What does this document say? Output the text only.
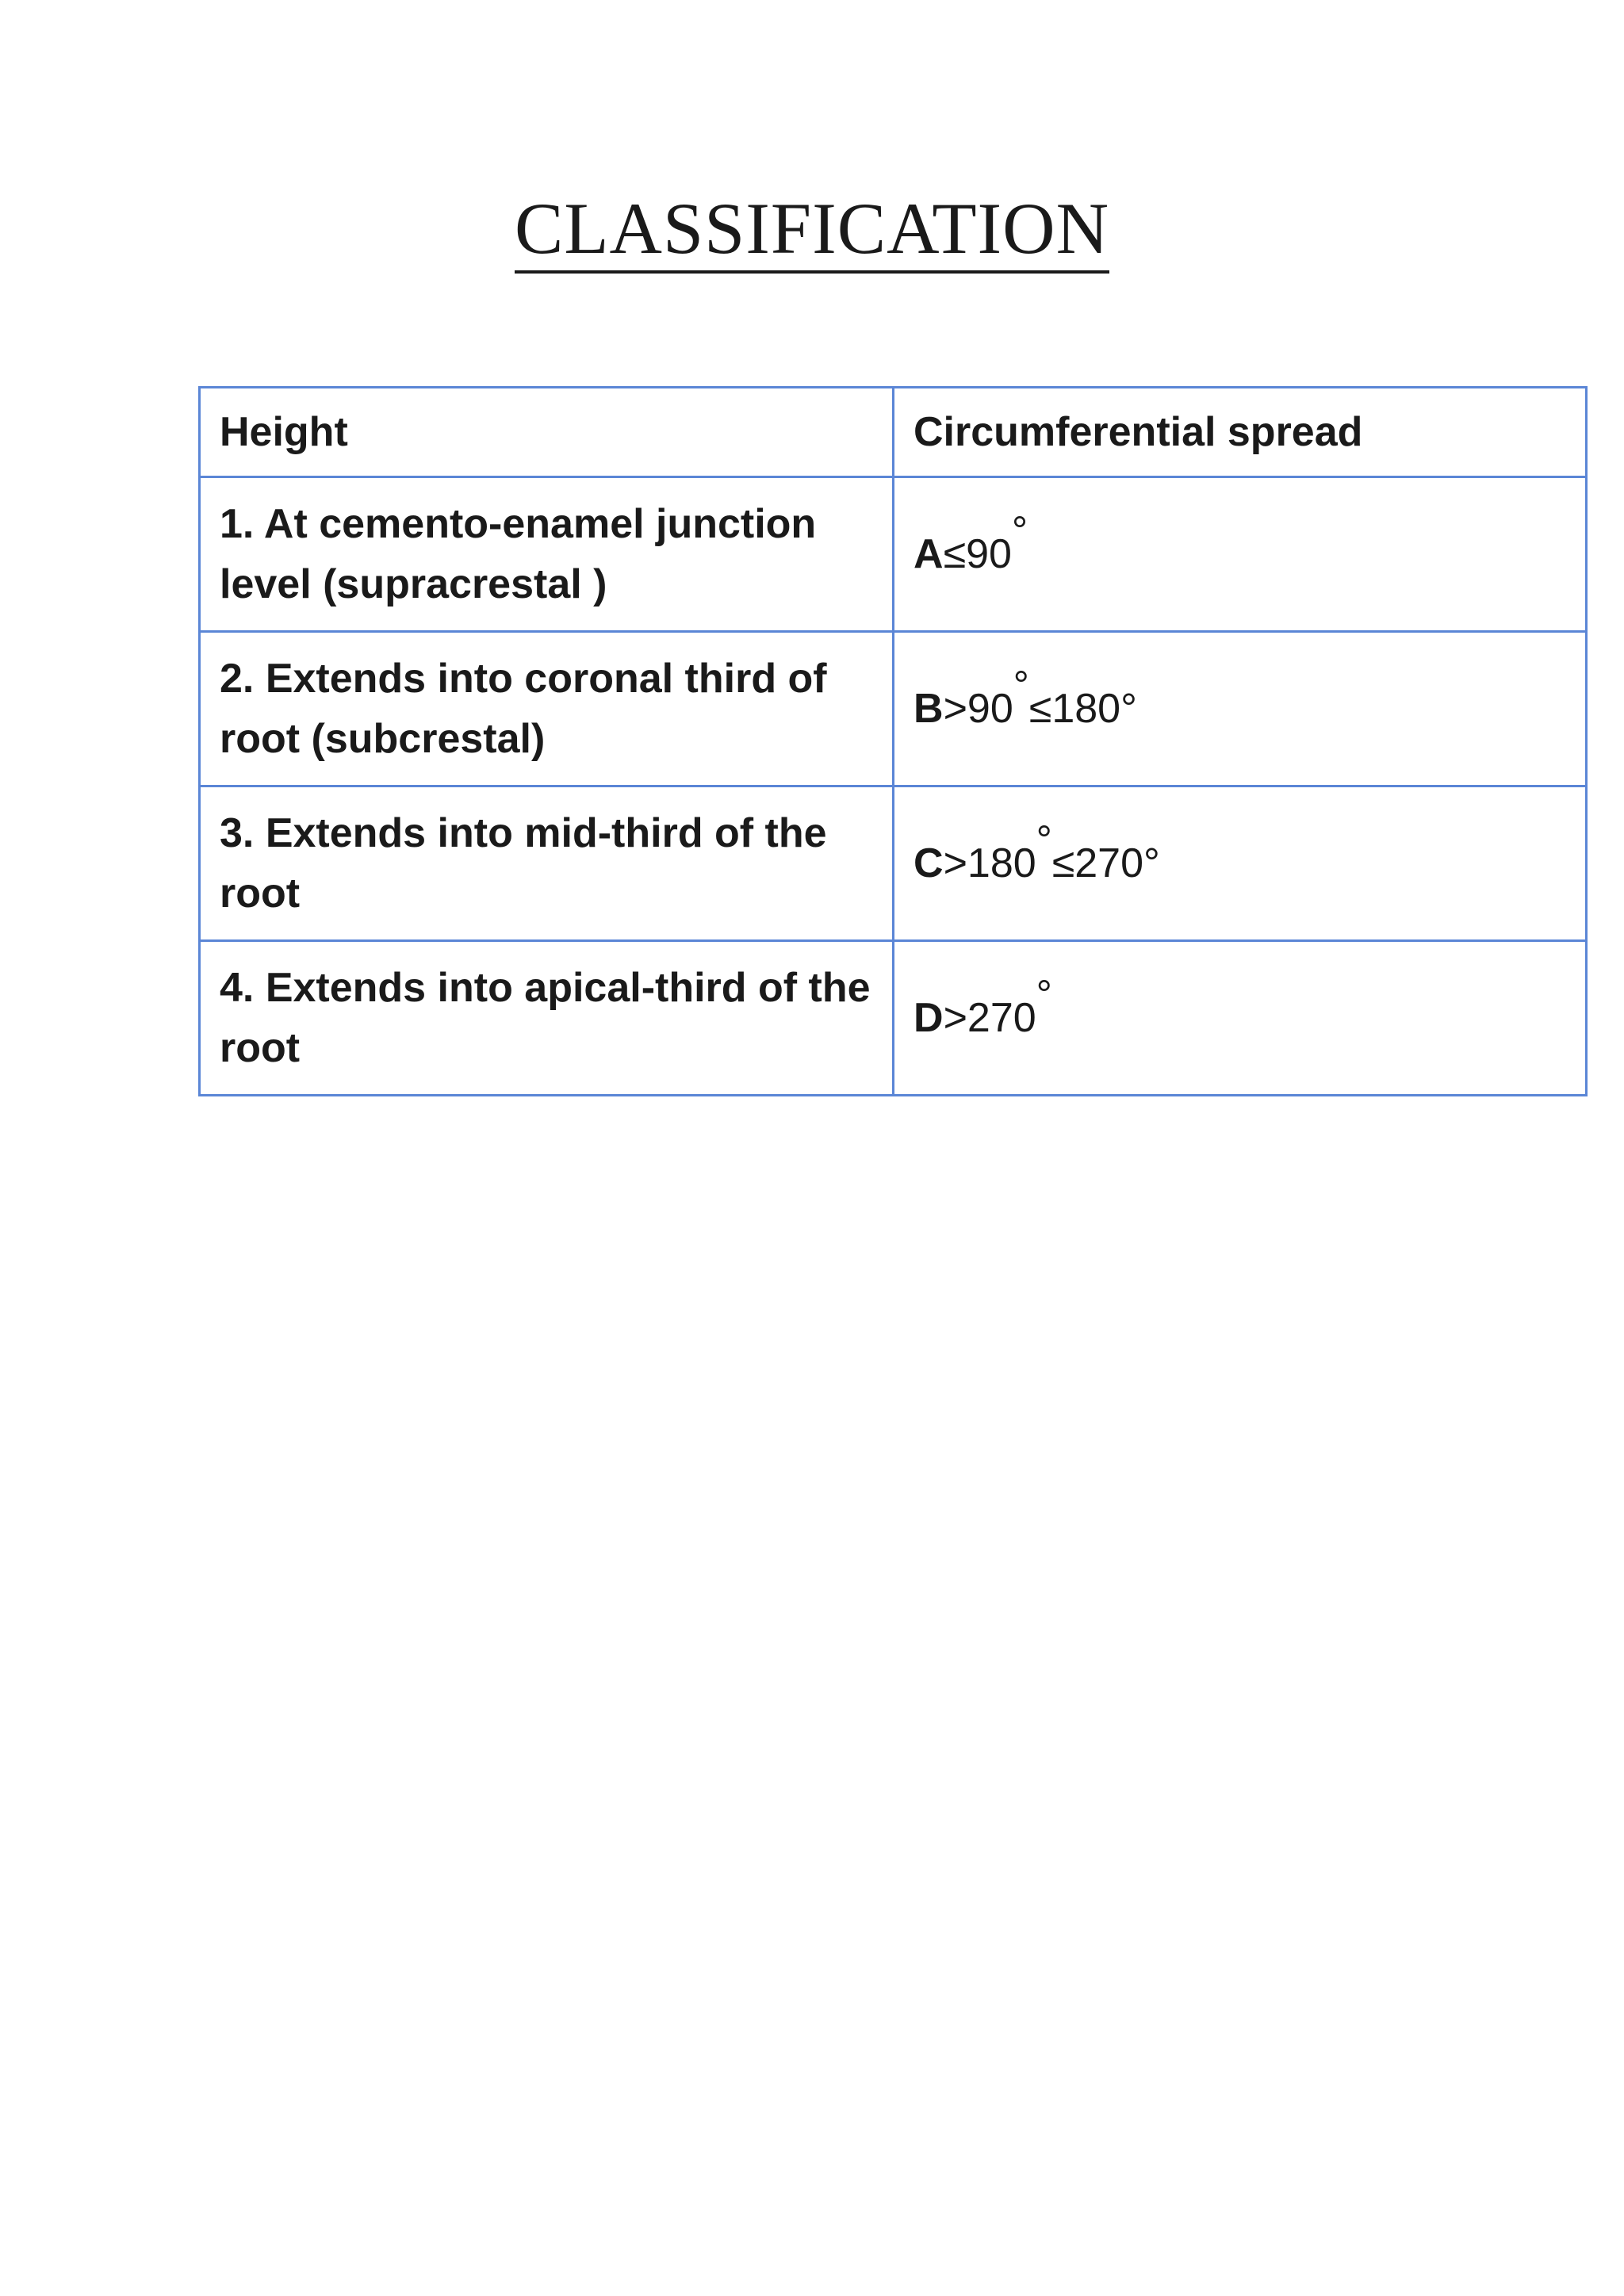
CLASSIFICATION
Height	Circumferential spread
1. At cemento-enamel junction level (supracrestal )	A≤90°
2. Extends into coronal third of root (subcrestal)	B>90°≤180°
3. Extends into mid-third of the root	C>180°≤270°
4. Extends into apical-third of the root	D>270°
